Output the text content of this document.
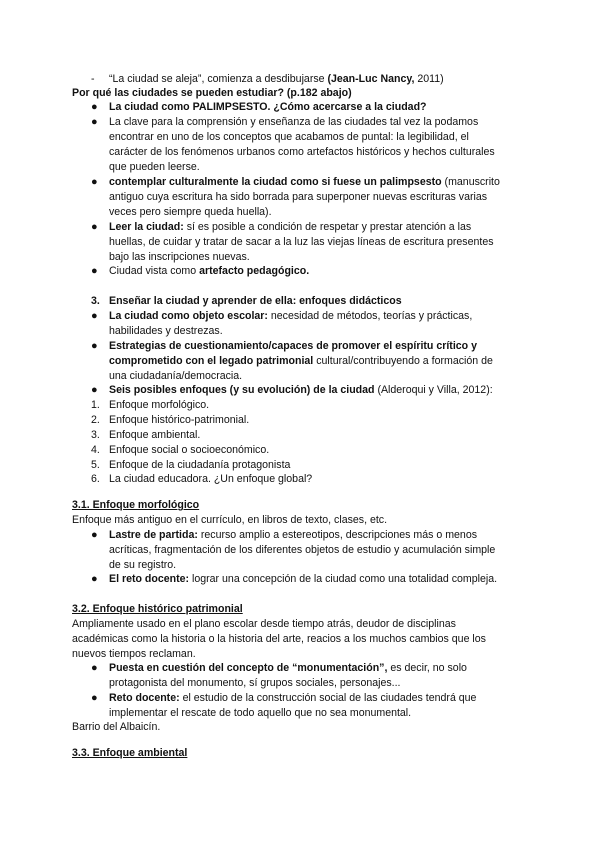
- “La ciudad se aleja”, comienza a desdibujarse (Jean-Luc Nancy, 2011)
Por qué las ciudades se pueden estudiar? (p.182 abajo)
● La ciudad como PALIMPSESTO. ¿Cómo acercarse a la ciudad?
● La clave para la comprensión y enseñanza de las ciudades tal vez la podamos
encontrar en uno de los conceptos que acabamos de puntal: la legibilidad, el
carácter de los fenómenos urbanos como artefactos históricos y hechos culturales
que pueden leerse.
● contemplar culturalmente la ciudad como si fuese un palimpsesto (manuscrito
antiguo cuya escritura ha sido borrada para superponer nuevas escrituras varias
veces pero siempre queda huella).
● Leer la ciudad: sí es posible a condición de respetar y prestar atención a las
huellas, de cuidar y tratar de sacar a la luz las viejas líneas de escritura presentes
bajo las inscripciones nuevas.
● Ciudad vista como artefacto pedagógico.
3. Enseñar la ciudad y aprender de ella: enfoques didácticos
● La ciudad como objeto escolar: necesidad de métodos, teorías y prácticas,
habilidades y destrezas.
● Estrategias de cuestionamiento/capaces de promover el espíritu crítico y
comprometido con el legado patrimonial cultural/contribuyendo a formación de
una ciudadanía/democracia.
● Seis posibles enfoques (y su evolución) de la ciudad (Alderoqui y Villa, 2012):
1. Enfoque morfológico.
2. Enfoque histórico-patrimonial.
3. Enfoque ambiental.
4. Enfoque social o socioeconómico.
5. Enfoque de la ciudadanía protagonista
6. La ciudad educadora. ¿Un enfoque global?
3.1. Enfoque morfológico
Enfoque más antiguo en el currículo, en libros de texto, clases, etc.
● Lastre de partida: recurso amplio a estereotipos, descripciones más o menos
acríticas, fragmentación de los diferentes objetos de estudio y acumulación simple
de su registro.
● El reto docente: lograr una concepción de la ciudad como una totalidad compleja.
3.2. Enfoque histórico patrimonial
Ampliamente usado en el plano escolar desde tiempo atrás, deudor de disciplinas
académicas como la historia o la historia del arte, reacios a los muchos cambios que los
nuevos tiempos reclaman.
● Puesta en cuestión del concepto de “monumentación”, es decir, no solo
protagonista del monumento, sí grupos sociales, personajes...
● Reto docente: el estudio de la construcción social de las ciudades tendrá que
implementar el rescate de todo aquello que no sea monumental.
Barrio del Albaicín.
3.3. Enfoque ambiental
